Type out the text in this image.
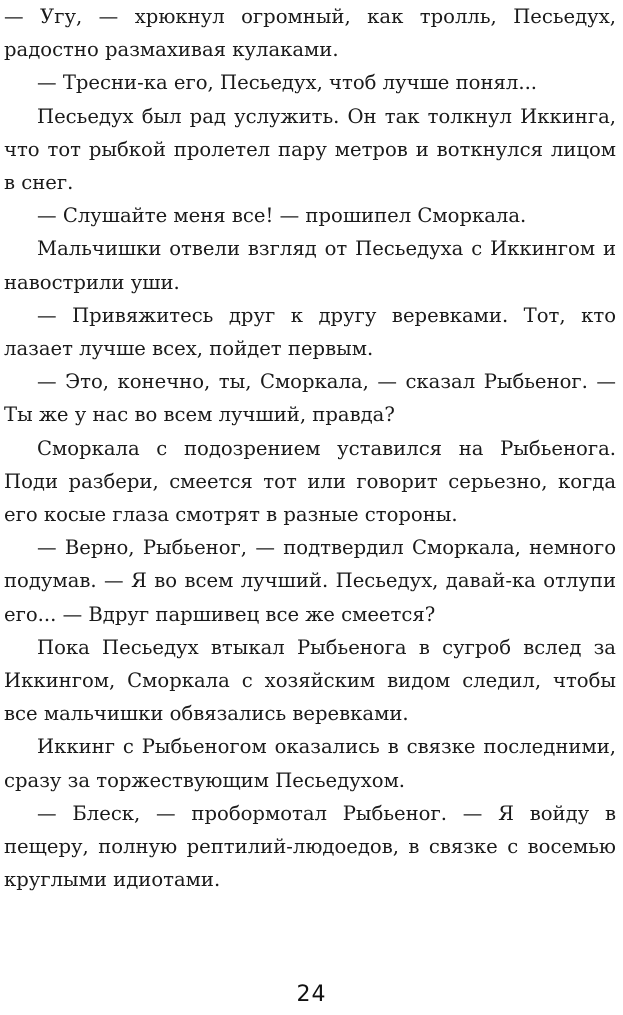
— Угу, — хрюкнул огромный, как тролль, Песьедух, радостно размахивая кулаками.

— Тресни-ка его, Песьедух, чтоб лучше понял...

Песьедух был рад услужить. Он так толкнул Иккинга, что тот рыбкой пролетел пару метров и воткнулся лицом в снег.

— Слушайте меня все! — прошипел Сморкала.

Мальчишки отвели взгляд от Песьедуха с Иккингом и навострили уши.

— Привяжитесь друг к другу веревками. Тот, кто лазает лучше всех, пойдет первым.

— Это, конечно, ты, Сморкала, — сказал Рыбьеног. — Ты же у нас во всем лучший, правда?

Сморкала с подозрением уставился на Рыбьенога. Поди разбери, смеется тот или говорит серьезно, когда его косые глаза смотрят в разные стороны.

— Верно, Рыбьеног, — подтвердил Сморкала, немного подумав. — Я во всем лучший. Песьедух, давай-ка отлупи его... — Вдруг паршивец все же смеется?

Пока Песьедух втыкал Рыбьенога в сугроб вслед за Иккингом, Сморкала с хозяйским видом следил, чтобы все мальчишки обвязались веревками.

Иккинг с Рыбьеногом оказались в связке последними, сразу за торжествующим Песьедухом.

— Блеск, — пробормотал Рыбьеног. — Я войду в пещеру, полную рептилий-людоедов, в связке с восемью круглыми идиотами.

24
